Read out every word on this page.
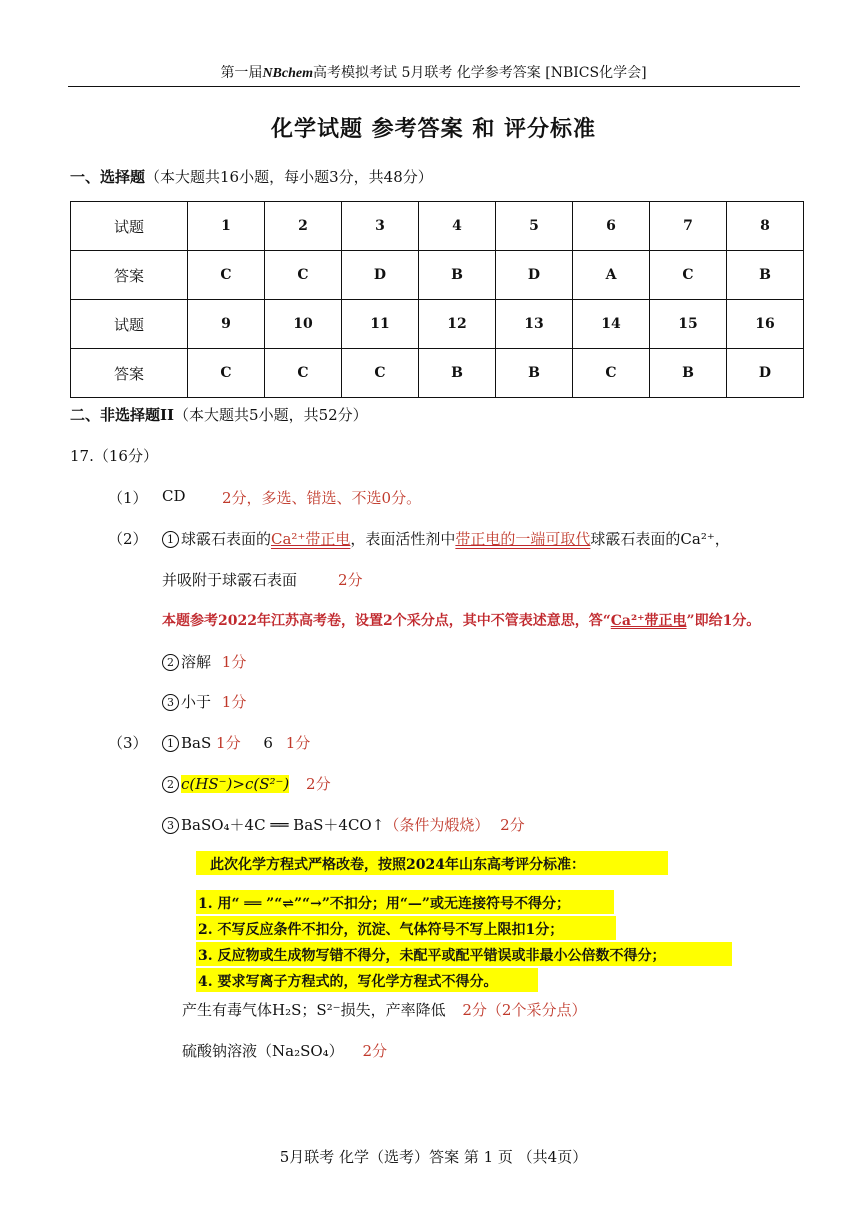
第一届NBchem高考模拟考试 5月联考 化学参考答案 [NBICS化学会]
化学试题 参考答案 和 评分标准
一、选择题（本大题共16小题，每小题3分，共48分）
试题	1	2	3	4	5	6	7	8
答案	C	C	D	B	D	A	C	B
试题	9	10	11	12	13	14	15	16
答案	C	C	C	B	B	C	B	D
二、非选择题II（本大题共5小题，共52分）
17.（16分）
（1） CD 2分，多选、错选、不选0分。
（2）	1 球霰石表面的Ca²⁺带正电，表面活性剂中带正电的一端可取代球霰石表面的Ca²⁺，
并吸附于球霰石表面	2分
本题参考2022年江苏高考卷，设置2个采分点，其中不管表述意思，答“Ca²⁺带正电”即给1分。
2 溶解 1分
3 小于 1分
（3）	1 BaS 1分 6 1分
2 c(HS⁻)>c(S²⁻) 2分
3 BaSO₄＋4C ══ BaS＋4CO↑（条件为煅烧） 2分
此次化学方程式严格改卷，按照2024年山东高考评分标准：
1. 用“ ══ ”“⇌”“→”不扣分；用“—”或无连接符号不得分；
2. 不写反应条件不扣分，沉淀、气体符号不写上限扣1分；
3. 反应物或生成物写错不得分，未配平或配平错误或非最小公倍数不得分；
4. 要求写离子方程式的，写化学方程式不得分。
产生有毒气体H₂S；S²⁻损失，产率降低 2分（2个采分点）
硫酸钠溶液（Na₂SO₄） 2分
5月联考 化学（选考）答案 第 1 页 （共4页）
